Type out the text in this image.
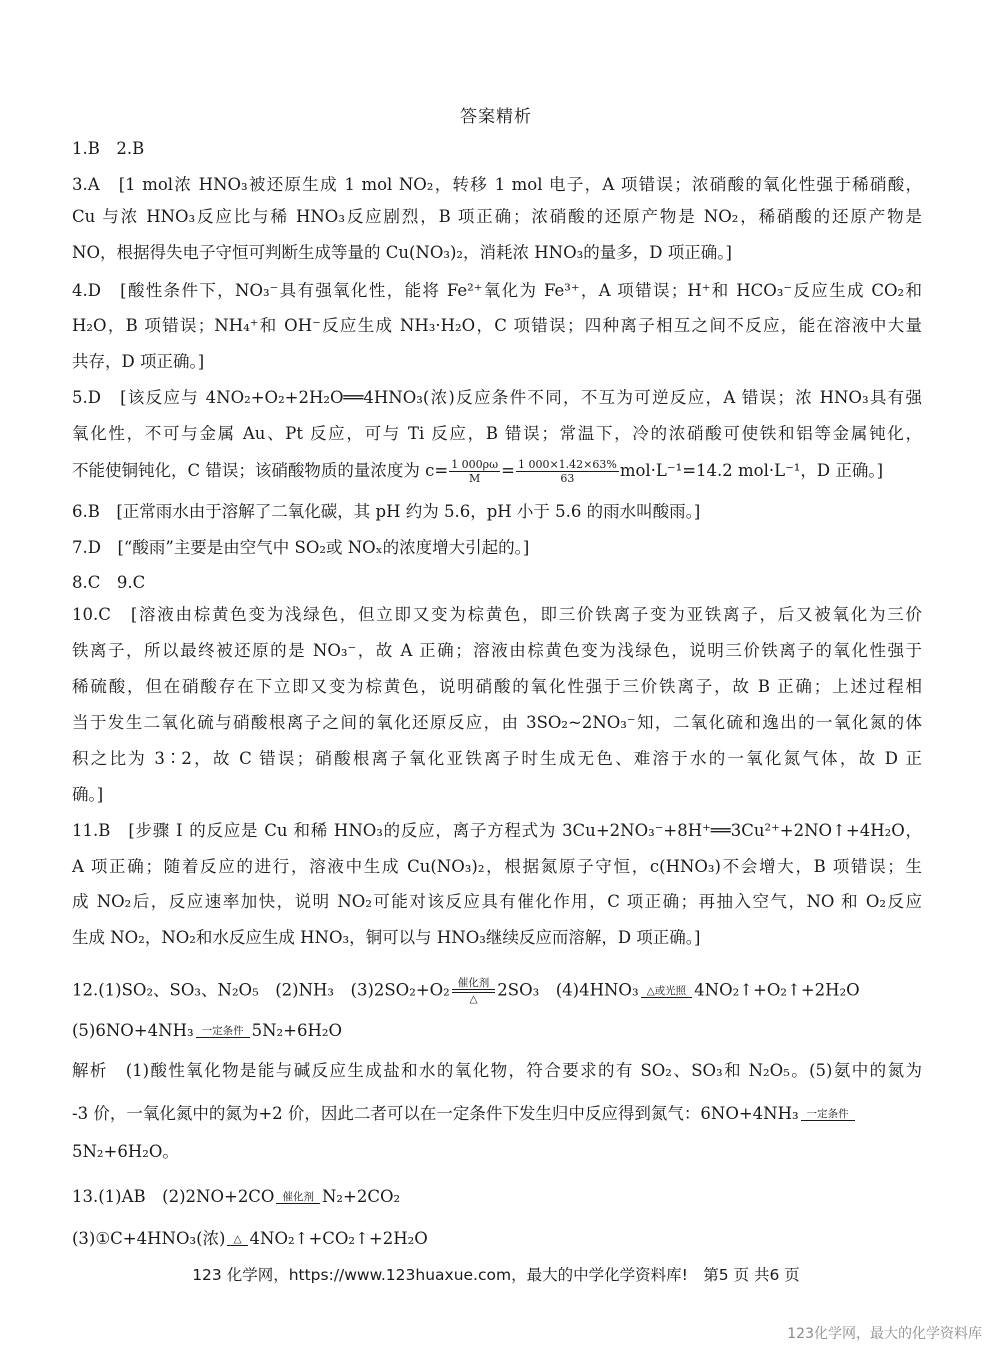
答案精析
1.B　2.B
3.A　[1 mol浓 HNO₃被还原生成 1 mol NO₂，转移 1 mol 电子，A 项错误；浓硝酸的氧化性强于稀硝酸，
Cu 与浓 HNO₃反应比与稀 HNO₃反应剧烈，B 项正确；浓硝酸的还原产物是 NO₂，稀硝酸的还原产物是
NO，根据得失电子守恒可判断生成等量的 Cu(NO₃)₂，消耗浓 HNO₃的量多，D 项正确。]
4.D　[酸性条件下，NO₃⁻具有强氧化性，能将 Fe²⁺氧化为 Fe³⁺，A 项错误；H⁺和 HCO₃⁻反应生成 CO₂和
H₂O，B 项错误；NH₄⁺和 OH⁻反应生成 NH₃·H₂O，C 项错误；四种离子相互之间不反应，能在溶液中大量
共存，D 项正确。]
5.D　[该反应与 4NO₂+O₂+2H₂O══4HNO₃(浓)反应条件不同，不互为可逆反应，A 错误；浓 HNO₃具有强
氧化性，不可与金属 Au、Pt 反应，可与 Ti 反应，B 错误；常温下，冷的浓硝酸可使铁和铝等金属钝化，
不能使铜钝化，C 错误；该硝酸物质的量浓度为 $c= \frac{1 000\rho\omega}{M} = \frac{1 000\times 1.42\times 63\%}{63} mol\cdot L^{-1}=14.2$ mol·L⁻¹，D 正确。]
6.B　[正常雨水由于溶解了二氧化碳，其 pH 约为 5.6，pH 小于 5.6 的雨水叫酸雨。]
7.D　[“酸雨”主要是由空气中 SO₂或 NOₓ的浓度增大引起的。]
8.C　9.C
10.C　[溶液由棕黄色变为浅绿色，但立即又变为棕黄色，即三价铁离子变为亚铁离子，后又被氧化为三价
铁离子，所以最终被还原的是 NO₃⁻，故 A 正确；溶液由棕黄色变为浅绿色，说明三价铁离子的氧化性强于
稀硫酸，但在硝酸存在下立即又变为棕黄色，说明硝酸的氧化性强于三价铁离子，故 B 正确；上述过程相
当于发生二氧化硫与硝酸根离子之间的氧化还原反应，由 3SO₂~2NO₃⁻知，二氧化硫和逸出的一氧化氮的体
积之比为 3∶2，故 C 错误；硝酸根离子氧化亚铁离子时生成无色、难溶于水的一氧化氮气体，故 D 正
确。]
11.B　[步骤 Ⅰ 的反应是 Cu 和稀 HNO₃的反应，离子方程式为 3Cu+2NO₃⁻+8H⁺══3Cu²⁺+2NO↑+4H₂O，
A 项正确；随着反应的进行，溶液中生成 Cu(NO₃)₂，根据氮原子守恒，c(HNO₃)不会增大，B 项错误；生
成 NO₂后，反应速率加快，说明 NO₂可能对该反应具有催化作用，C 项正确；再抽入空气，NO 和 O₂反应
生成 NO₂，NO₂和水反应生成 HNO₃，铜可以与 HNO₃继续反应而溶解，D 项正确。]
12.(1)SO₂、SO₃、N₂O₅　(2)NH₃　(3)2SO₂+O₂ 催化剂
△	2SO₃　(4)4HNO₃ △或光照 4NO₂↑+O₂↑+2H₂O
(5)6NO+4NH₃ 一定条件 5N₂+6H₂O
解析　(1)酸性氧化物是能与碱反应生成盐和水的氧化物，符合要求的有 SO₂、SO₃和 N₂O₅。(5)氨中的氮为
-3 价，一氧化氮中的氮为+2 价，因此二者可以在一定条件下发生归中反应得到氮气：6NO+4NH₃ 一定条件
5N₂+6H₂O。
13.(1)AB　(2)2NO+2CO 催化剂 N₂+2CO₂
(3)①C+4HNO₃(浓) △ 4NO₂↑+CO₂↑+2H₂O
123 化学网，https://www.123huaxue.com，最大的中学化学资料库!　第5 页 共6 页
123化学网，最大的化学资料库
